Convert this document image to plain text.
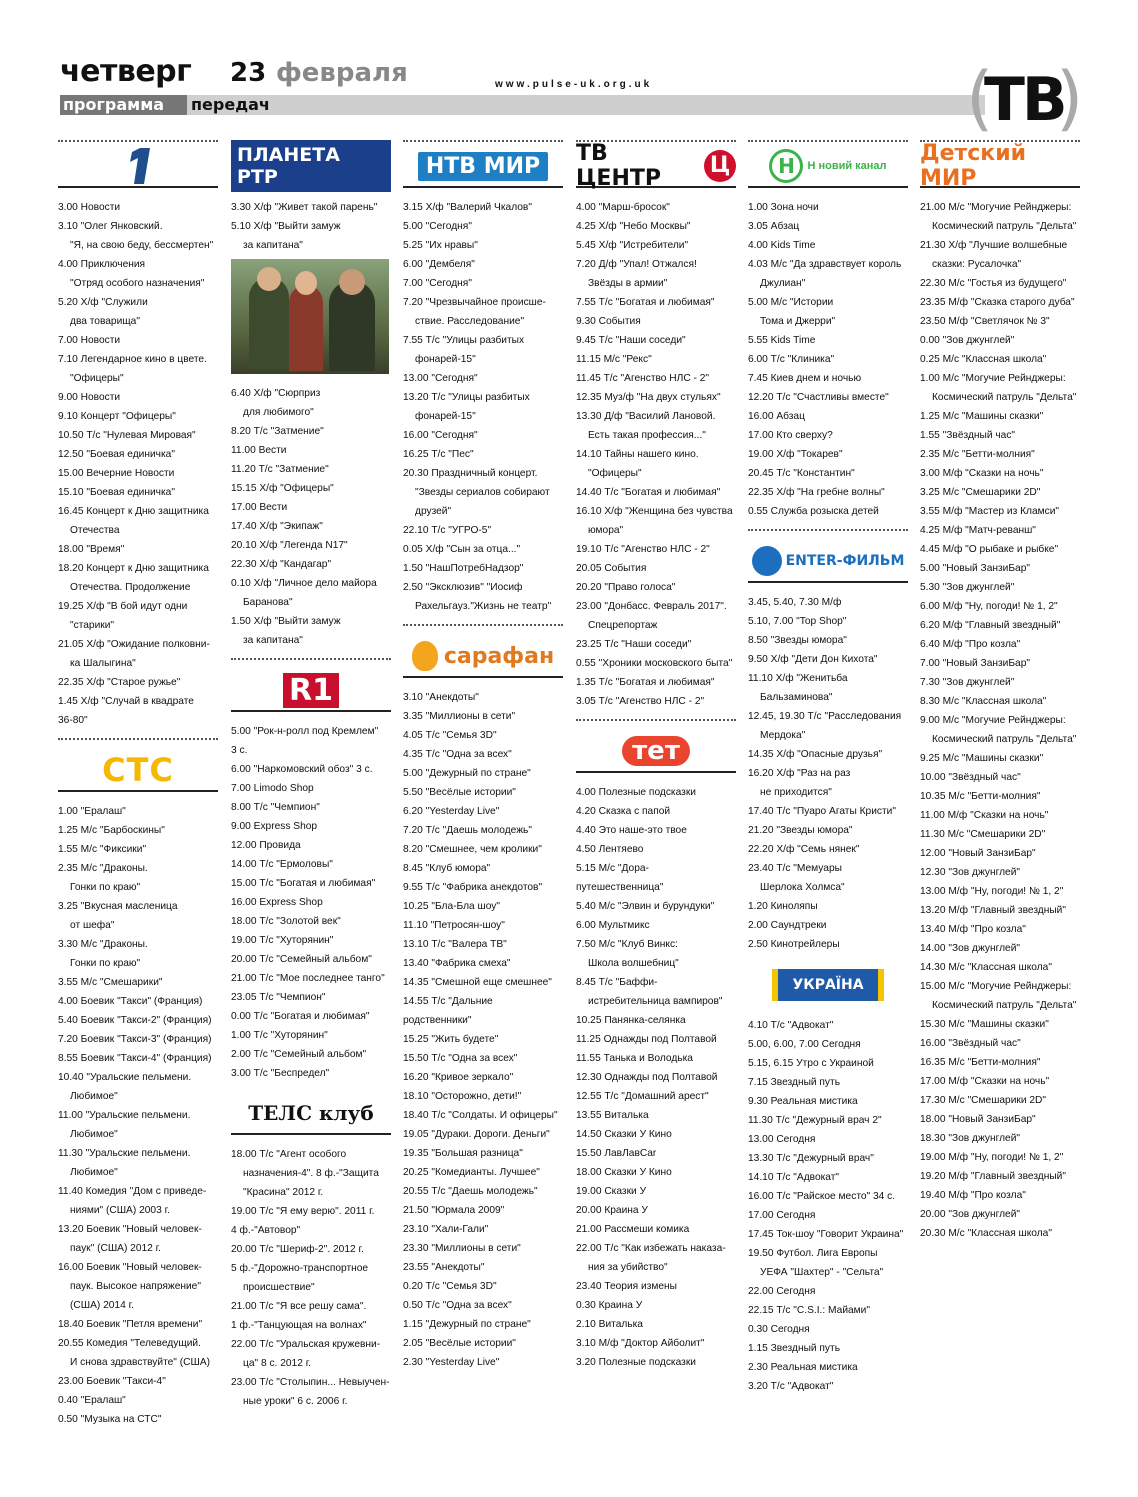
четверг 23 февраля	www.pulse-uk.org.uk
программа	передач	(
ТВ
)
3.00 Новости
3.10 "Олег Янковский.
"Я, на свою беду, бессмертен"
4.00 Приключения
"Отряд особого назначения"
5.20 Х/ф "Служили
два товарища"
7.00 Новости
7.10 Легендарное кино в цвете.
"Офицеры"
9.00 Новости
9.10 Концерт "Офицеры"
10.50 Т/с "Нулевая Мировая"
12.50 "Боевая единичка"
15.00 Вечерние Новости
15.10 "Боевая единичка"
16.45 Концерт к Дню защитника
Отечества
18.00 "Время"
18.20 Концерт к Дню защитника
Отечества. Продолжение
19.25 Х/ф "В бой идут одни
"старики"
21.05 Х/ф "Ожидание полковни-
ка Шалыгина"
22.35 Х/ф "Старое ружье"
1.45 Х/ф "Случай в квадрате
36-80"
СТС
1.00 "Ералаш"
1.25 М/с "Барбоскины"
1.55 М/с "Фиксики"
2.35 М/с "Драконы.
Гонки по краю"
3.25 "Вкусная масленица
от шефа"
3.30 М/с "Драконы.
Гонки по краю"
3.55 М/с "Смешарики"
4.00 Боевик "Такси" (Франция)
5.40 Боевик "Такси-2" (Франция)
7.20 Боевик "Такси-3" (Франция)
8.55 Боевик "Такси-4" (Франция)
10.40 "Уральские пельмени.
Любимое"
11.00 "Уральские пельмени.
Любимое"
11.30 "Уральские пельмени.
Любимое"
11.40 Комедия "Дом с приведе-
ниями" (США) 2003 г.
13.20 Боевик "Новый человек-
паук" (США) 2012 г.
16.00 Боевик "Новый человек-
паук. Высокое напряжение"
(США) 2014 г.
18.40 Боевик "Петля времени"
20.55 Комедия "Телеведущий.
И снова здравствуйте" (США)
23.00 Боевик "Такси-4"
0.40 "Ералаш"
0.50 "Музыка на СТС"
ПЛАНЕТА РТР
3.30 Х/ф "Живет такой парень"
5.10 Х/ф "Выйти замуж
за капитана"
6.40 Х/ф "Сюрприз
для любимого"
8.20 Т/с "Затмение"
11.00 Вести
11.20 Т/с "Затмение"
15.15 Х/ф "Офицеры"
17.00 Вести
17.40 Х/ф "Экипаж"
20.10 Х/ф "Легенда N17"
22.30 Х/ф "Кандагар"
0.10 Х/ф "Личное дело майора
Баранова"
1.50 Х/ф "Выйти замуж
за капитана"
R1
5.00 "Рок-н-ролл под Кремлем"
3 с.
6.00 "Наркомовский обоз" 3 с.
7.00 Limodo Shop
8.00 Т/с "Чемпион"
9.00 Express Shop
12.00 Провида
14.00 Т/с "Ермоловы"
15.00 Т/с "Богатая и любимая"
16.00 Express Shop
18.00 Т/с "Золотой век"
19.00 Т/с "Хуторянин"
20.00 Т/с "Семейный альбом"
21.00 Т/с "Мое последнее танго"
23.05 Т/с "Чемпион"
0.00 Т/с "Богатая и любимая"
1.00 Т/с "Хуторянин"
2.00 Т/с "Семейный альбом"
3.00 Т/с "Беспредел"
ТЕЛС клуб
18.00 Т/с "Агент особого
назначения-4". 8 ф.-"Защита
"Красина" 2012 г.
19.00 Т/с "Я ему верю". 2011 г.
4 ф.-"Автовор"
20.00 Т/с "Шериф-2". 2012 г.
5 ф.-"Дорожно-транспортное
происшествие"
21.00 Т/с "Я все решу сама".
1 ф.-"Танцующая на волнах"
22.00 Т/с "Уральская кружевни-
ца" 8 с. 2012 г.
23.00 Т/с "Столыпин... Невыучен-
ные уроки" 6 с. 2006 г.
НТВ МИР
3.15 Х/ф "Валерий Чкалов"
5.00 "Сегодня"
5.25 "Их нравы"
6.00 "Дембеля"
7.00 "Сегодня"
7.20 "Чрезвычайное происше-
ствие. Расследование"
7.55 Т/с "Улицы разбитых
фонарей-15"
13.00 "Сегодня"
13.20 Т/с "Улицы разбитых
фонарей-15"
16.00 "Сегодня"
16.25 Т/с "Пес"
20.30 Праздничный концерт.
"Звезды сериалов собирают
друзей"
22.10 Т/с "УГРО-5"
0.05 Х/ф "Сын за отца..."
1.50 "НашПотребНадзор"
2.50 "Эксклюзив" "Иосиф
Рахельгауз."Жизнь не театр"
сарафан
3.10 "Анекдоты"
3.35 "Миллионы в сети"
4.05 Т/с "Семья 3D"
4.35 Т/с "Одна за всех"
5.00 "Дежурный по стране"
5.50 "Весёлые истории"
6.20 "Yesterday Live"
7.20 Т/с "Даешь молодежь"
8.20 "Смешнее, чем кролики"
8.45 "Клуб юмора"
9.55 Т/с "Фабрика анекдотов"
10.25 "Бла-Бла шоу"
11.10 "Петросян-шоу"
13.10 Т/с "Валера ТВ"
13.40 "Фабрика смеха"
14.35 "Смешной еще смешнее"
14.55 Т/с "Дальние родственники"
15.25 "Жить будете"
15.50 Т/с "Одна за всех"
16.20 "Кривое зеркало"
18.10 "Осторожно, дети!"
18.40 Т/с "Солдаты. И офицеры"
19.05 "Дураки. Дороги. Деньги"
19.35 "Большая разница"
20.25 "Комедианты. Лучшее"
20.55 Т/с "Даешь молодежь"
21.50 "Юрмала 2009"
23.10 "Хали-Гали"
23.30 "Миллионы в сети"
23.55 "Анекдоты"
0.20 Т/с "Семья 3D"
0.50 Т/с "Одна за всех"
1.15 "Дежурный по стране"
2.05 "Весёлые истории"
2.30 "Yesterday Live"
ТВ ЦЕНТР
Ц
4.00 "Марш-бросок"
4.25 Х/ф "Небо Москвы"
5.45 Х/ф "Истребители"
7.20 Д/ф "Упал! Отжался!
Звёзды в армии"
7.55 Т/с "Богатая и любимая"
9.30 События
9.45 Т/с "Наши соседи"
11.15 М/с "Рекс"
11.45 Т/с "Агенство НЛС - 2"
12.35 Муз/ф "На двух стульях"
13.30 Д/ф "Василий Лановой.
Есть такая профессия..."
14.10 Тайны нашего кино.
"Офицеры"
14.40 Т/с "Богатая и любимая"
16.10 Х/ф "Женщина без чувства
юмора"
19.10 Т/с "Агенство НЛС - 2"
20.05 События
20.20 "Право голоса"
23.00 "Донбасс. Февраль 2017".
Спецрепортаж
23.25 Т/с "Наши соседи"
0.55 "Хроники московского быта"
1.35 Т/с "Богатая и любимая"
3.05 Т/с "Агенство НЛС - 2"
тет
4.00 Полезные подсказки
4.20 Сказка с папой
4.40 Это наше-это твое
4.50 Лентяево
5.15 М/с "Дора-путешественница"
5.40 М/с "Элвин и бурундуки"
6.00 Мультмикс
7.50 М/с "Клуб Винкс:
Школа волшебниц"
8.45 Т/с "Баффи-
истребительница вампиров"
10.25 Панянка-селянка
11.25 Однажды под Полтавой
11.55 Танька и Володька
12.30 Однажды под Полтавой
12.55 Т/с "Домашний арест"
13.55 Виталька
14.50 Сказки У Кино
15.50 ЛавЛавCar
18.00 Сказки У Кино
19.00 Сказки У
20.00 Краина У
21.00 Рассмеши комика
22.00 Т/с "Как избежать наказа-
ния за убийство"
23.40 Теория измены
0.30 Краина У
2.10 Виталька
3.10 М/ф "Доктор Айболит"
3.20 Полезные подсказки
Н	Н новий канал
1.00 Зона ночи
3.05 Абзац
4.00 Kids Time
4.03 М/с "Да здравствует король
Джулиан"
5.00 М/с "Истории
Тома и Джерри"
5.55 Kids Time
6.00 Т/с "Клиника"
7.45 Киев днем и ночью
12.20 Т/с "Счастливы вместе"
16.00 Абзац
17.00 Кто сверху?
19.00 Х/ф "Токарев"
20.45 Т/с "Константин"
22.35 Х/ф "На гребне волны"
0.55 Служба розыска детей
ENTER-ФИЛЬМ
3.45, 5.40, 7.30 М/ф
5.10, 7.00 "Top Shop"
8.50 "Звезды юмора"
9.50 Х/ф "Дети Дон Кихота"
11.10 Х/ф "Женитьба
Бальзаминова"
12.45, 19.30 Т/с "Расследования
Мердока"
14.35 Х/ф "Опасные друзья"
16.20 Х/ф "Раз на раз
не приходится"
17.40 Т/с "Пуаро Агаты Кристи"
21.20 "Звезды юмора"
22.20 Х/ф "Семь нянек"
23.40 Т/с "Мемуары
Шерлока Холмса"
1.20 Киноляпы
2.00 Саундтреки
2.50 Кинотрейлеры
УКРАЇНА
4.10 Т/с "Адвокат"
5.00, 6.00, 7.00 Сегодня
5.15, 6.15 Утро с Украиной
7.15 Звездный путь
9.30 Реальная мистика
11.30 Т/с "Дежурный врач 2"
13.00 Сегодня
13.30 Т/с "Дежурный врач"
14.10 Т/с "Адвокат"
16.00 Т/с "Райское место" 34 с.
17.00 Сегодня
17.45 Ток-шоу "Говорит Украина"
19.50 Футбол. Лига Европы
УЕФА "Шахтер" - "Сельта"
22.00 Сегодня
22.15 Т/с "C.S.I.: Майами"
0.30 Сегодня
1.15 Звездный путь
2.30 Реальная мистика
3.20 Т/с "Адвокат"
Детский МИР
21.00 М/с "Могучие Рейнджеры:
Космический патруль "Дельта"
21.30 Х/ф "Лучшие волшебные
сказки: Русалочка"
22.30 М/с "Гостья из будущего"
23.35 М/ф "Сказка старого дуба"
23.50 М/ф "Светлячок № 3"
0.00 "Зов джунглей"
0.25 М/с "Классная школа"
1.00 М/с "Могучие Рейнджеры:
Космический патруль "Дельта"
1.25 М/с "Машины сказки"
1.55 "Звёздный час"
2.35 М/с "Бетти-молния"
3.00 М/ф "Сказки на ночь"
3.25 М/с "Смешарики 2D"
3.55 М/ф "Мастер из Кламси"
4.25 М/ф "Матч-реванш"
4.45 М/ф "О рыбаке и рыбке"
5.00 "Новый ЗанзиБар"
5.30 "Зов джунглей"
6.00 М/ф "Ну, погоди! № 1, 2"
6.20 М/ф "Главный звездный"
6.40 М/ф "Про козла"
7.00 "Новый ЗанзиБар"
7.30 "Зов джунглей"
8.30 М/с "Классная школа"
9.00 М/с "Могучие Рейнджеры:
Космический патруль "Дельта"
9.25 М/с "Машины сказки"
10.00 "Звёздный час"
10.35 М/с "Бетти-молния"
11.00 М/ф "Сказки на ночь"
11.30 М/с "Смешарики 2D"
12.00 "Новый ЗанзиБар"
12.30 "Зов джунглей"
13.00 М/ф "Ну, погоди! № 1, 2"
13.20 М/ф "Главный звездный"
13.40 М/ф "Про козла"
14.00 "Зов джунглей"
14.30 М/с "Классная школа"
15.00 М/с "Могучие Рейнджеры:
Космический патруль "Дельта"
15.30 М/с "Машины сказки"
16.00 "Звёздный час"
16.35 М/с "Бетти-молния"
17.00 М/ф "Сказки на ночь"
17.30 М/с "Смешарики 2D"
18.00 "Новый ЗанзиБар"
18.30 "Зов джунглей"
19.00 М/ф "Ну, погоди! № 1, 2"
19.20 М/ф "Главный звездный"
19.40 М/ф "Про козла"
20.00 "Зов джунглей"
20.30 М/с "Классная школа"
